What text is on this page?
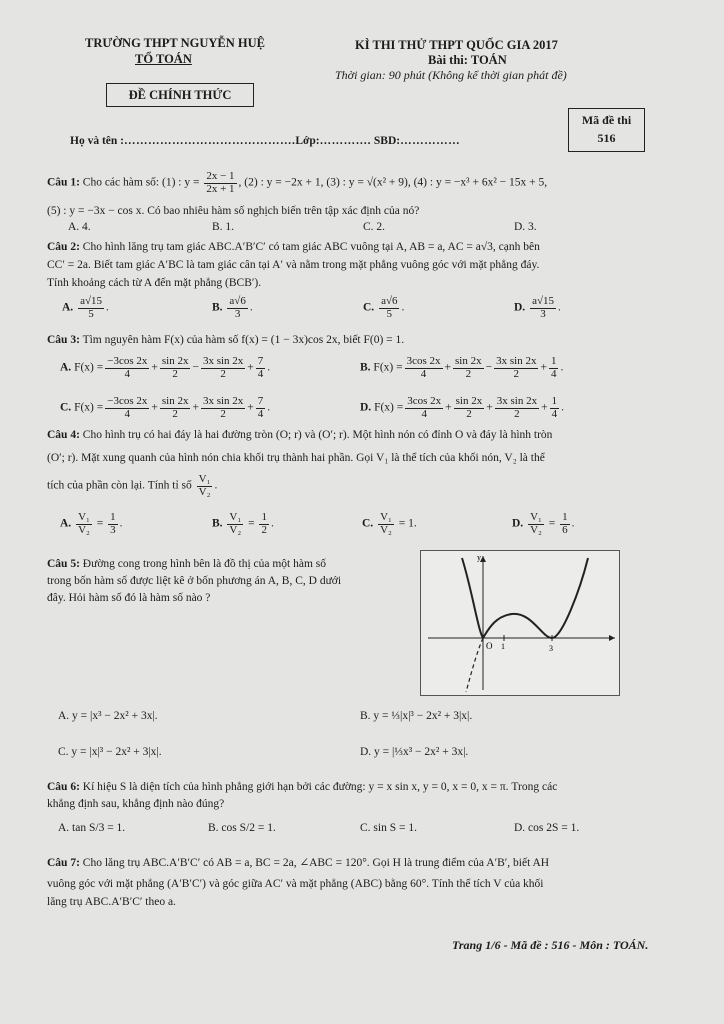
TRƯỜNG THPT NGUYỄN HUỆ
TỔ TOÁN
ĐỀ CHÍNH THỨC
KÌ THI THỬ THPT QUỐC GIA 2017
Bài thi: TOÁN
Thời gian: 90 phút (Không kể thời gian phát đề)
Mã đề thi
516
Họ và tên :…………………………………….Lớp:…………. SBD:……………
Câu 1: Cho các hàm số: (1) : $y = \frac{2x - 1}{2x + 1}$ , (2) : y = −2x + 1, (3) : y = √(x² + 9), (4) : y = −x³ + 6x² − 15x + 5,
(5) : y = −3x − cos x. Có bao nhiêu hàm số nghịch biến trên tập xác định của nó?
A. 4.	B. 1.	C. 2.	D. 3.
Câu 2: Cho hình lăng trụ tam giác ABC.A′B′C′ có tam giác ABC vuông tại A, AB = a, AC = a√3, cạnh bên
CC′ = 2a. Biết tam giác A′BC là tam giác cân tại A′ và nằm trong mặt phẳng vuông góc với mặt phẳng đáy.
Tính khoảng cách từ A đến mặt phẳng (BCB′).
A. $\frac{a√15}{5}$ .	B. $\frac{a√6}{3}$ .	C. $\frac{a√6}{5}$ .	D. $\frac{a√15}{3}$ .
Câu 3: Tìm nguyên hàm F(x) của hàm số f(x) = (1 − 3x)cos 2x, biết F(0) = 1.
A. $F(x) = \frac{-3\cos 2x}{4} + \frac{\sin 2x}{2} - \frac{\text{3x sin 2x}}{2} + \frac{7}{4}$ .	B. $F(x) = \frac{3\cos 2x}{4} + \frac{\sin 2x}{2} - \frac{\text{3x sin 2x}}{2} + \frac{1}{4}$ .
C. $F(x) = \frac{-3\cos 2x}{4} + \frac{\sin 2x}{2} + \frac{\text{3x sin 2x}}{2} + \frac{7}{4}$ .	D. $F(x) = \frac{3\cos 2x}{4} + \frac{\sin 2x}{2} + \frac{\text{3x sin 2x}}{2} + \frac{1}{4}$ .
Câu 4: Cho hình trụ có hai đáy là hai đường tròn (O; r) và (O′; r). Một hình nón có đỉnh O và đáy là hình tròn
(O′; r). Mặt xung quanh của hình nón chia khối trụ thành hai phần. Gọi V₁ là thể tích của khối nón, V₂ là thể
tích của phần còn lại. Tính tỉ số $\frac{\text{V₁}}{\text{V₂}}$ .
A. $\frac{\text{V₁}}{\text{V₂}} = \frac{1}{3}$ .	B. $\frac{\text{V₁}}{\text{V₂}} = \frac{1}{2}$ .	C. $\frac{\text{V₁}}{\text{V₂}} = 1$.	D. $\frac{\text{V₁}}{\text{V₂}} = \frac{1}{6}$ .
Câu 5: Đường cong trong hình bên là đồ thị của một hàm số
trong bốn hàm số được liệt kê ở bốn phương án A, B, C, D dưới
đây. Hỏi hàm số đó là hàm số nào ?
y
O 1	3
A. y = |x³ − 2x² + 3x|.	B. y = ⅓|x|³ − 2x² + 3|x|.
C. y = |x|³ − 2x² + 3|x|.	D. y = |⅓x³ − 2x² + 3x|.
Câu 6: Kí hiệu S là diện tích của hình phẳng giới hạn bởi các đường: y = x sin x, y = 0, x = 0, x = π. Trong các
khẳng định sau, khẳng định nào đúng?
A. tan S/3 = 1.	B. cos S/2 = 1.	C. sin S = 1.	D. cos 2S = 1.
Câu 7: Cho lăng trụ ABC.A′B′C′ có AB = a, BC = 2a, ∠ABC = 120°. Gọi H là trung điểm của A′B′, biết AH
vuông góc với mặt phẳng (A′B′C′) và góc giữa AC′ và mặt phẳng (ABC) bằng 60°. Tính thể tích V của khối
lăng trụ ABC.A′B′C′ theo a.
Trang 1/6 - Mã đề : 516 - Môn : TOÁN.
